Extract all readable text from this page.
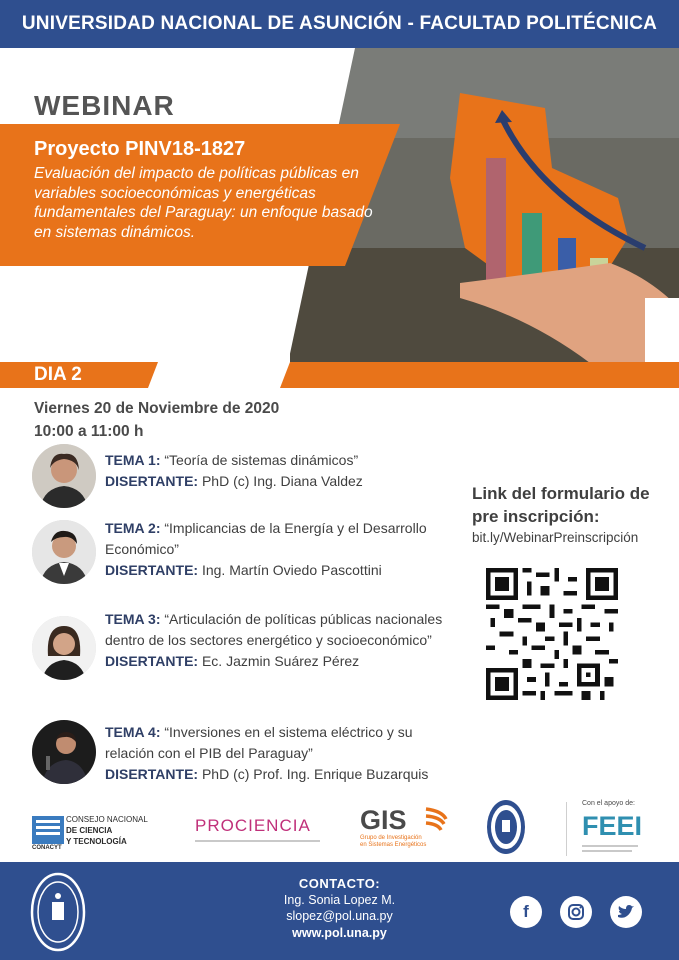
UNIVERSIDAD NACIONAL DE ASUNCIÓN - FACULTAD POLITÉCNICA
WEBINAR
Proyecto PINV18-1827
Evaluación del impacto de políticas públicas en variables socioeconómicas y energéticas fundamentales del Paraguay: un enfoque basado en sistemas dinámicos.
DIA 2
Viernes 20 de Noviembre de 2020
10:00 a 11:00 h
TEMA 1: “Teoría de sistemas dinámicos”
DISERTANTE: PhD (c) Ing. Diana Valdez
TEMA 2: “Implicancias de la Energía y el Desarrollo Económico”
DISERTANTE: Ing. Martín Oviedo Pascottini
TEMA 3: “Articulación de políticas públicas nacionales dentro de los sectores energético y socioeconómico”
DISERTANTE: Ec. Jazmin Suárez Pérez
TEMA 4: “Inversiones en el sistema eléctrico y su relación con el PIB del Paraguay”
DISERTANTE: PhD (c) Prof. Ing. Enrique Buzarquis
Link del formulario de pre inscripción:
bit.ly/WebinarPreinscripción
CONSEJO NACIONAL
DE CIENCIA
Y TECNOLOGÍA
CONACYT
PROCIENCIA	GIS
Grupo de Investigación
en Sistemas Energéticos
Con el apoyo de:
FEEI
CONTACTO:
Ing. Sonia Lopez M.
slopez@pol.una.py
www.pol.una.py
f
